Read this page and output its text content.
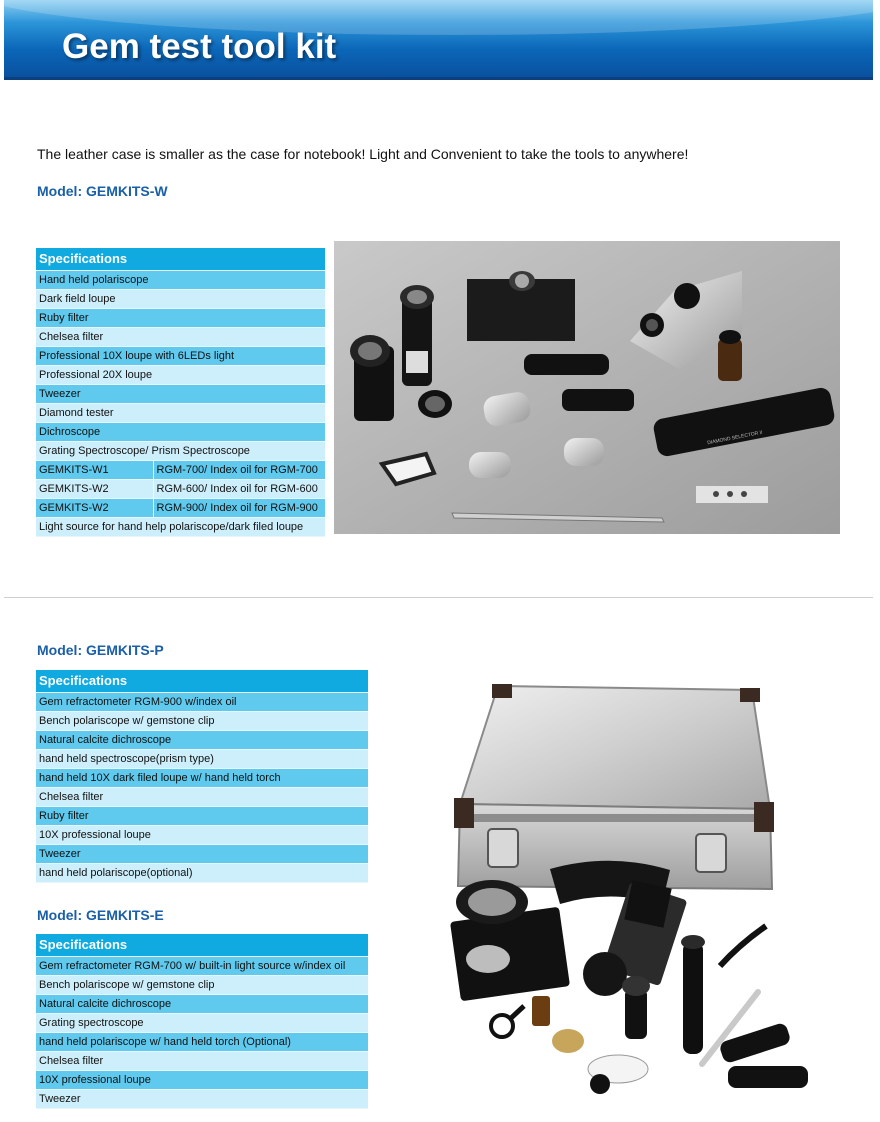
Gem test tool kit
The leather case is smaller as the case for notebook! Light and Convenient to take the tools to anywhere!
Model: GEMKITS-W
Specifications	
Hand held polariscope	
Dark field loupe	
Ruby filter	
Chelsea filter	
Professional 10X loupe with 6LEDs light	
Professional 20X loupe	
Tweezer	
Diamond tester	
Dichroscope	
Grating Spectroscope/ Prism Spectroscope	
GEMKITS-W1	RGM-700/ Index oil for RGM-700
GEMKITS-W2	RGM-600/ Index oil for RGM-600
GEMKITS-W2	RGM-900/ Index oil for RGM-900
Light source for hand help polariscope/dark filed loupe	
DIAMOND SELECTOR II
Model: GEMKITS-P
Specifications
Gem refractometer RGM-900 w/index oil
Bench polariscope w/ gemstone clip
Natural calcite dichroscope
hand held spectroscope(prism type)
hand held 10X dark filed loupe w/ hand held torch
Chelsea filter
Ruby filter
10X professional loupe
Tweezer
hand held polariscope(optional)
Model: GEMKITS-E
Specifications
Gem refractometer RGM-700 w/ built-in light source w/index oil
Bench polariscope w/ gemstone clip
Natural calcite dichroscope
Grating spectroscope
hand held polariscope w/ hand held torch (Optional)
Chelsea filter
10X professional loupe
Tweezer
